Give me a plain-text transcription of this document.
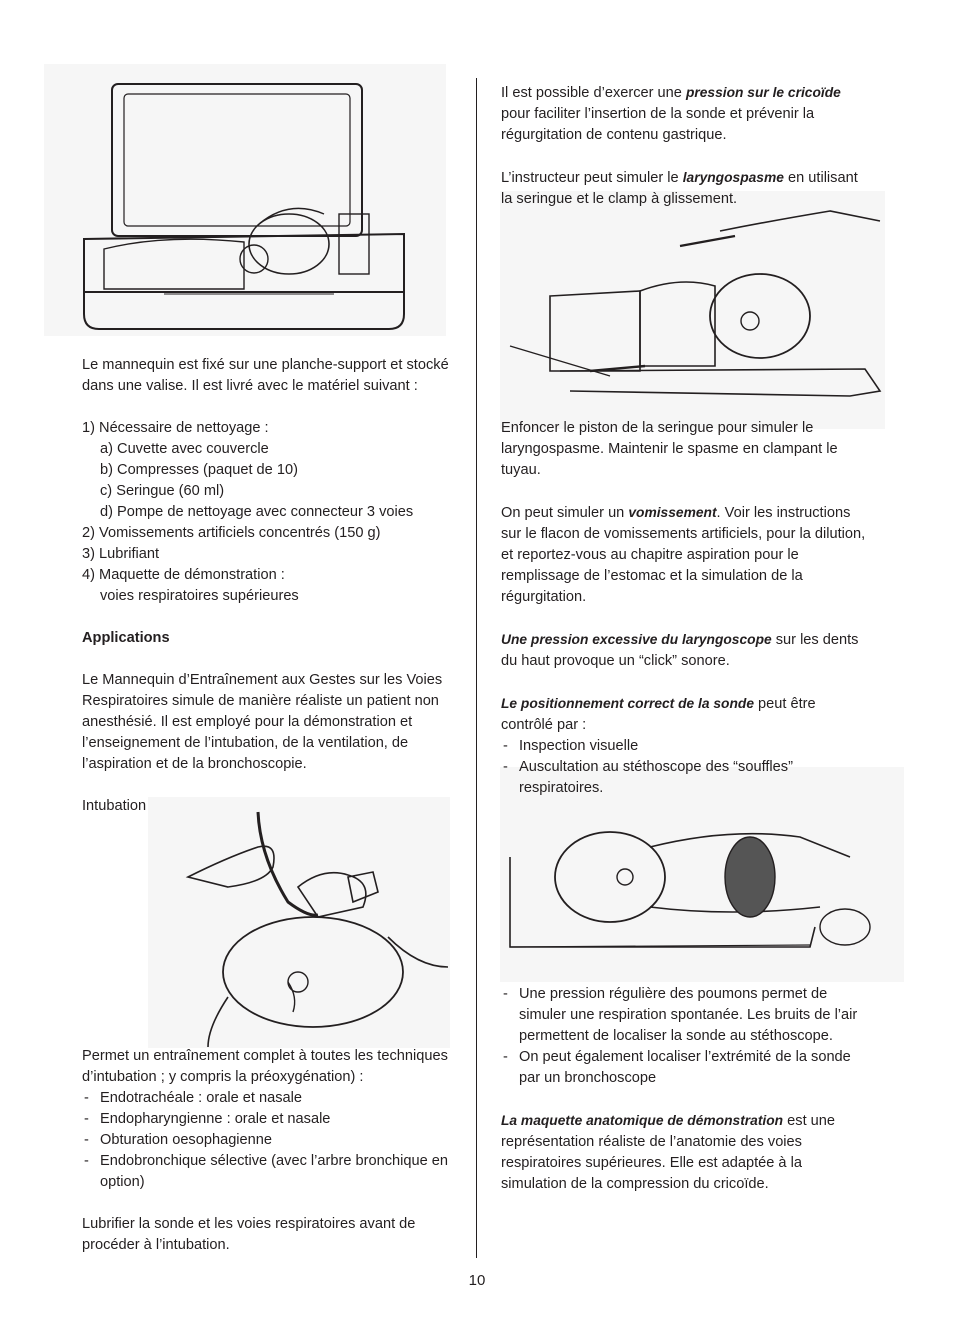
Le mannequin est fixé sur une planche-support et stocké dans une valise. Il est livré avec le matériel suivant :

1) Nécessaire de nettoyage :

a) Cuvette avec couvercle

b) Compresses (paquet de 10)

c) Seringue (60 ml)

d) Pompe de nettoyage avec connecteur 3 voies

2) Vomissements artificiels concentrés (150 g)

3) Lubrifiant

4) Maquette de démonstration :

voies respiratoires supérieures

Applications

Le Mannequin d’Entraînement aux Gestes sur les Voies Respiratoires simule de manière réaliste un patient non anesthésié. Il est employé pour la démonstration et l’enseignement de l’intubation, de la ventilation, de l’aspiration et de la bronchoscopie.

Intubation

Permet un entraînement complet à toutes les techniques d’intubation ; y compris la préoxygénation) :

- Endotrachéale : orale et nasale

- Endopharyngienne : orale et nasale

- Obturation oesophagienne

- Endobronchique sélective (avec l’arbre bronchique en option)

Lubrifier la sonde et les voies respiratoires avant de procéder à l’intubation.

Il est possible d’exercer une pression sur le cricoïde pour faciliter l’insertion de la sonde et prévenir la régurgitation de contenu gastrique.

L’instructeur peut simuler le laryngospasme en utilisant la seringue et le clamp à glissement.

Enfoncer le piston de la seringue pour simuler le laryngospasme. Maintenir le spasme en clampant le tuyau.

On peut simuler un vomissement. Voir les instructions sur le flacon de vomissements artificiels, pour la dilution, et reportez-vous au chapitre aspiration pour le remplissage de l’estomac et la simulation de la régurgitation.

Une pression excessive du laryngoscope sur les dents du haut provoque un “click” sonore.

Le positionnement correct de la sonde peut être contrôlé par :

- Inspection visuelle

- Auscultation au stéthoscope des “souffles” respiratoires.

- Une pression régulière des poumons permet de simuler une respiration spontanée. Les bruits de l’air permettent de localiser la sonde au stéthoscope.

- On peut également localiser l’extrémité de la sonde par un bronchoscope

La maquette anatomique de démonstration est une représentation réaliste de l’anatomie des voies respiratoires supérieures. Elle est adaptée à la simulation de la compression du cricoïde.

10
